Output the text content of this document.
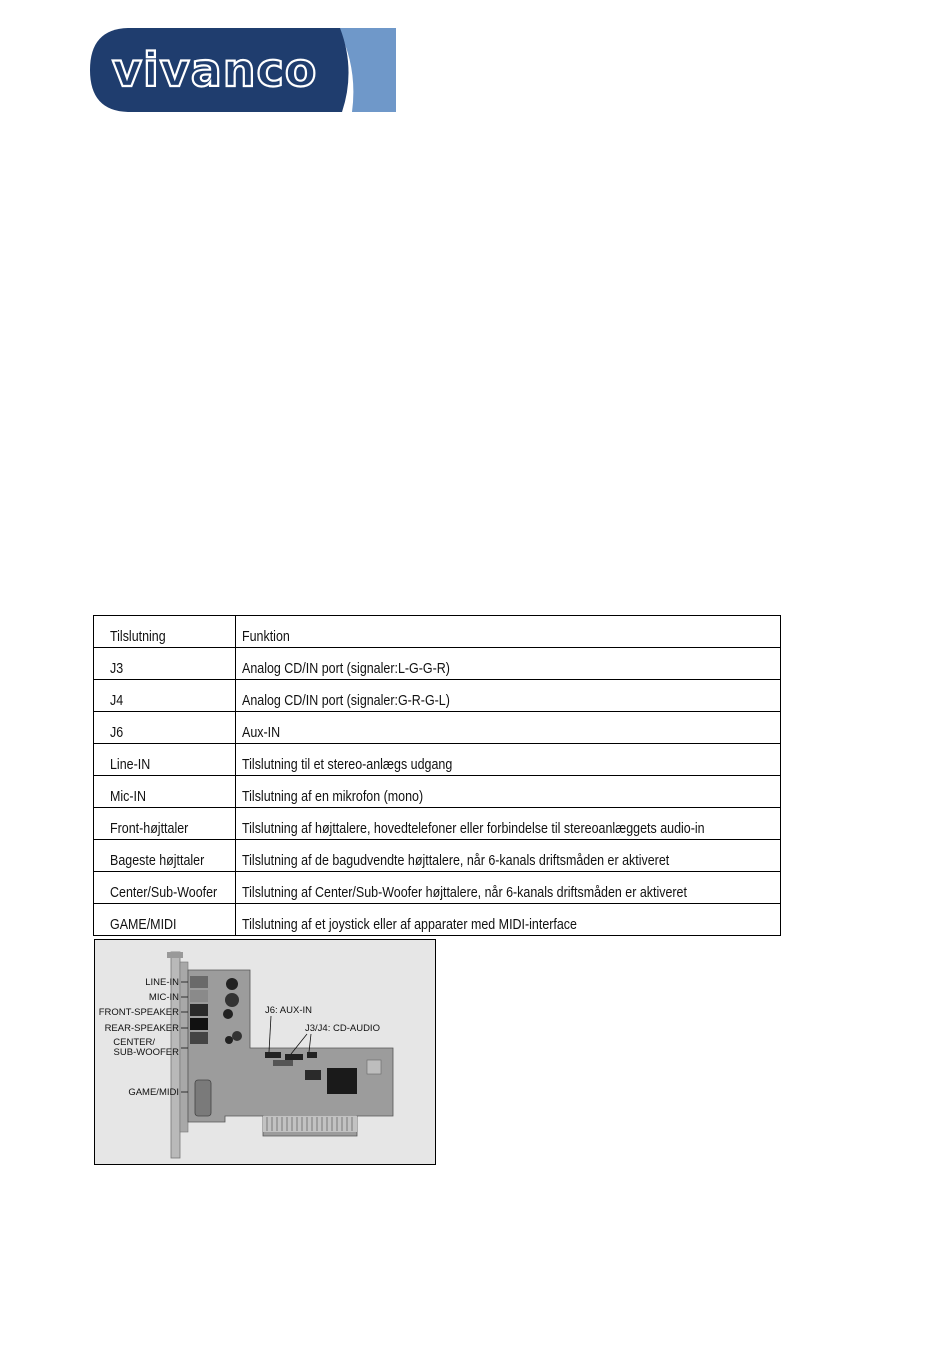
vivanco
Tilslutning	Funktion
J3	Analog CD/IN port (signaler:L-G-G-R)
J4	Analog CD/IN port (signaler:G-R-G-L)
J6	Aux-IN
Line-IN	Tilslutning til et stereo-anlægs udgang
Mic-IN	Tilslutning af en mikrofon (mono)
Front-højttaler	Tilslutning af højttalere, hovedtelefoner eller forbindelse til stereoanlæggets audio-in
Bageste højttaler	Tilslutning af de bagudvendte højttalere, når 6-kanals driftsmåden er aktiveret
Center/Sub-Woofer	Tilslutning af Center/Sub-Woofer højttalere, når 6-kanals driftsmåden er aktiveret
GAME/MIDI	Tilslutning af et joystick eller af apparater med MIDI-interface
LINE-IN
MIC-IN
FRONT-SPEAKER
REAR-SPEAKER
CENTER/
SUB-WOOFER
GAME/MIDI
J6: AUX-IN
J3/J4: CD-AUDIO
